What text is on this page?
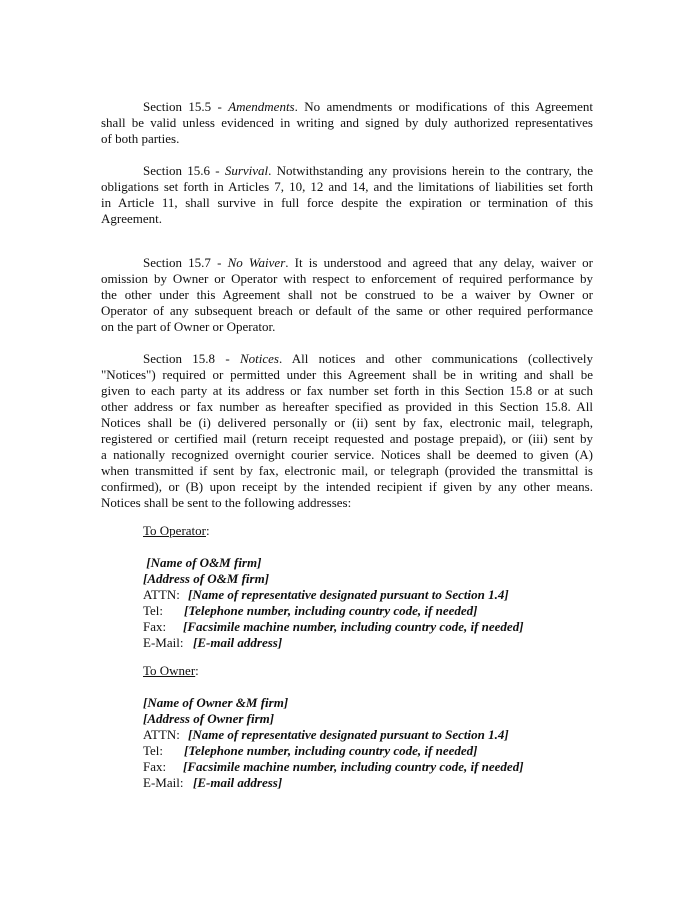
Section 15.5 - Amendments. No amendments or modifications of this Agreement
shall be valid unless evidenced in writing and signed by duly authorized representatives
of both parties.
Section 15.6 - Survival. Notwithstanding any provisions herein to the contrary, the
obligations set forth in Articles 7, 10, 12 and 14, and the limitations of liabilities set forth
in Article 11, shall survive in full force despite the expiration or termination of this
Agreement.
Section 15.7 - No Waiver. It is understood and agreed that any delay, waiver or
omission by Owner or Operator with respect to enforcement of required performance by
the other under this Agreement shall not be construed to be a waiver by Owner or
Operator of any subsequent breach or default of the same or other required performance
on the part of Owner or Operator.
Section 15.8 - Notices. All notices and other communications (collectively
"Notices") required or permitted under this Agreement shall be in writing and shall be
given to each party at its address or fax number set forth in this Section 15.8 or at such
other address or fax number as hereafter specified as provided in this Section 15.8. All
Notices shall be (i) delivered personally or (ii) sent by fax, electronic mail, telegraph,
registered or certified mail (return receipt requested and postage prepaid), or (iii) sent by
a nationally recognized overnight courier service. Notices shall be deemed to given (A)
when transmitted if sent by fax, electronic mail, or telegraph (provided the transmittal is
confirmed), or (B) upon receipt by the intended recipient if given by any other means.
Notices shall be sent to the following addresses:
To Operator:
[Name of O&M firm]
[Address of O&M firm]
ATTN: [Name of representative designated pursuant to Section 1.4]
Tel: [Telephone number, including country code, if needed]
Fax: [Facsimile machine number, including country code, if needed]
E-Mail: [E-mail address]
To Owner:
[Name of Owner &M firm]
[Address of Owner firm]
ATTN: [Name of representative designated pursuant to Section 1.4]
Tel: [Telephone number, including country code, if needed]
Fax: [Facsimile machine number, including country code, if needed]
E-Mail: [E-mail address]
